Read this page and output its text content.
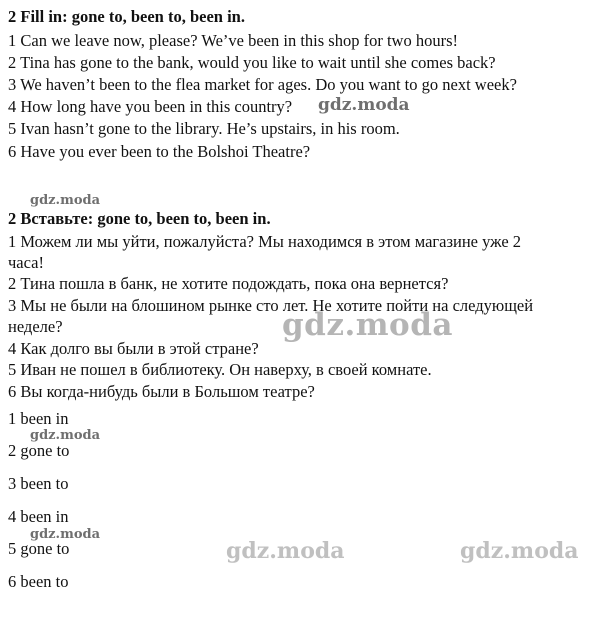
2 Fill in: gone to, been to, been in.
1 Can we leave now, please? We’ve been in this shop for two hours!
2 Tina has gone to the bank, would you like to wait until she comes back?
3 We haven’t been to the flea market for ages. Do you want to go next week?
4 How long have you been in this country?
5 Ivan hasn’t gone to the library. He’s upstairs, in his room.
6 Have you ever been to the Bolshoi Theatre?
2 Вставьте: gone to, been to, been in.
1 Можем ли мы уйти, пожалуйста? Мы находимся в этом магазине уже 2
часа!
2 Тина пошла в банк, не хотите подождать, пока она вернется?
3 Мы не были на блошином рынке сто лет. Не хотите пойти на следующей
неделе?
4 Как долго вы были в этой стране?
5 Иван не пошел в библиотеку. Он наверху, в своей комнате.
6 Вы когда-нибудь были в Большом театре?
1 been in
2 gone to
3 been to
4 been in
5 gone to
6 been to
gdz.moda
gdz.moda
gdz.moda
gdz.moda
gdz.moda
gdz.moda	gdz.moda
